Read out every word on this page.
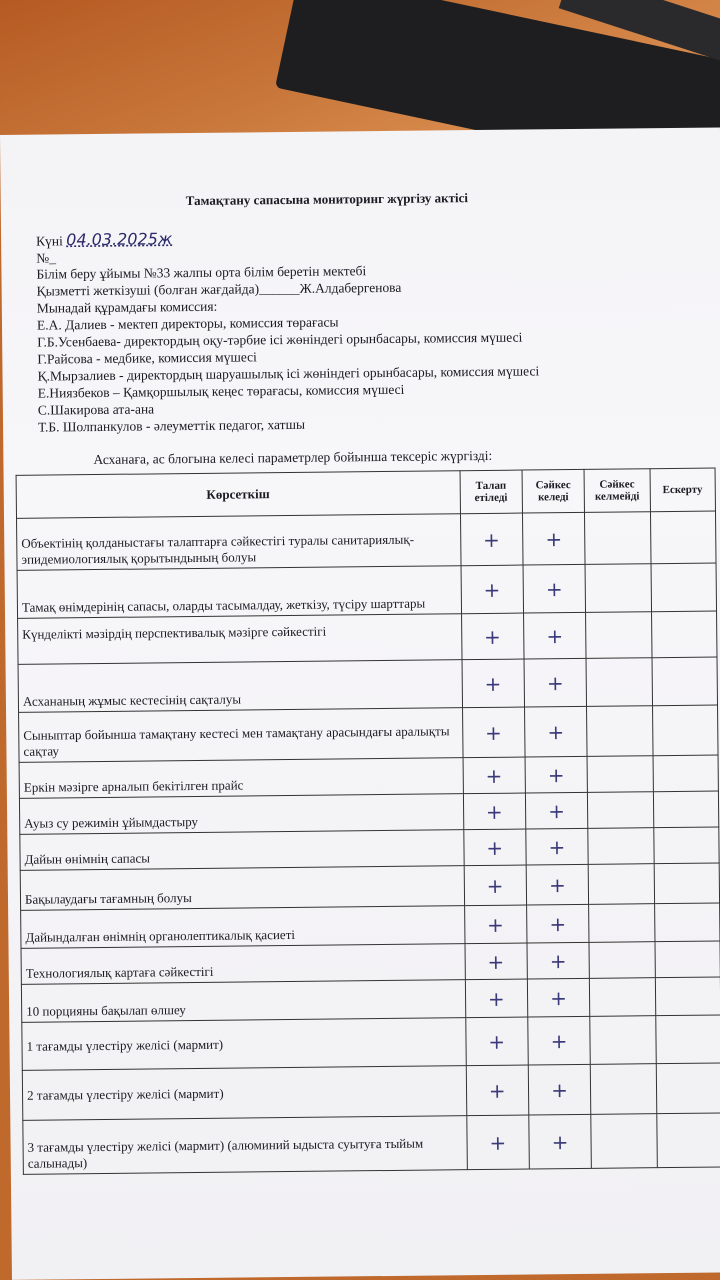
Тамақтану сапасына мониторинг жүргізу актісі
Күні 04.03.2025ж
№_
Білім беру ұйымы №33 жалпы орта білім беретін мектебі
Қызметті жеткізуші (болған жағдайда)______Ж.Алдабергенова
Мынадай құрамдағы комиссия:
Е.А. Далиев - мектеп директоры, комиссия төрағасы
Г.Б.Усенбаева- директордың оқу-тәрбие ісі жөніндегі орынбасары, комиссия мүшесі
Г.Райсова - медбике, комиссия мүшесі
Қ.Мырзалиев - директордың шаруашылық ісі жөніндегі орынбасары, комиссия мүшесі
Е.Ниязбеков – Қамқоршылық кеңес төрағасы, комиссия мүшесі
С.Шакирова ата-ана
Т.Б. Шолпанкулов - әлеуметтік педагог, хатшы
Асханаға, ас блогына келесі параметрлер бойынша тексеріс жүргізді:
Көрсеткіш	Талап етіледі	Сәйкес келеді	Сәйкес келмейді	Ескерту
Объектінің қолданыстағы талаптарға сәйкестігі туралы санитариялық-эпидемиологиялық қорытындының болуы	+	+		
Тамақ өнімдерінің сапасы, оларды тасымалдау, жеткізу, түсіру шарттары	+	+		
Күнделікті мәзірдің перспективалық мәзірге сәйкестігі	+	+		
Асхананың жұмыс кестесінің сақталуы	+	+		
Сыныптар бойынша тамақтану кестесі мен тамақтану арасындағы аралықты сақтау	+	+		
Еркін мәзірге арналып бекітілген прайс	+	+		
Ауыз су режимін ұйымдастыру	+	+		
Дайын өнімнің сапасы	+	+		
Бақылаудағы тағамның болуы	+	+		
Дайындалған өнімнің органолептикалық қасиеті	+	+		
Технологиялық картаға сәйкестігі	+	+		
10 порцияны бақылап өлшеу	+	+		
1 тағамды үлестіру желісі (мармит)	+	+		
2 тағамды үлестіру желісі (мармит)	+	+		
3 тағамды үлестіру желісі (мармит) (алюминий ыдыста суытуға тыйым салынады)	+	+		
